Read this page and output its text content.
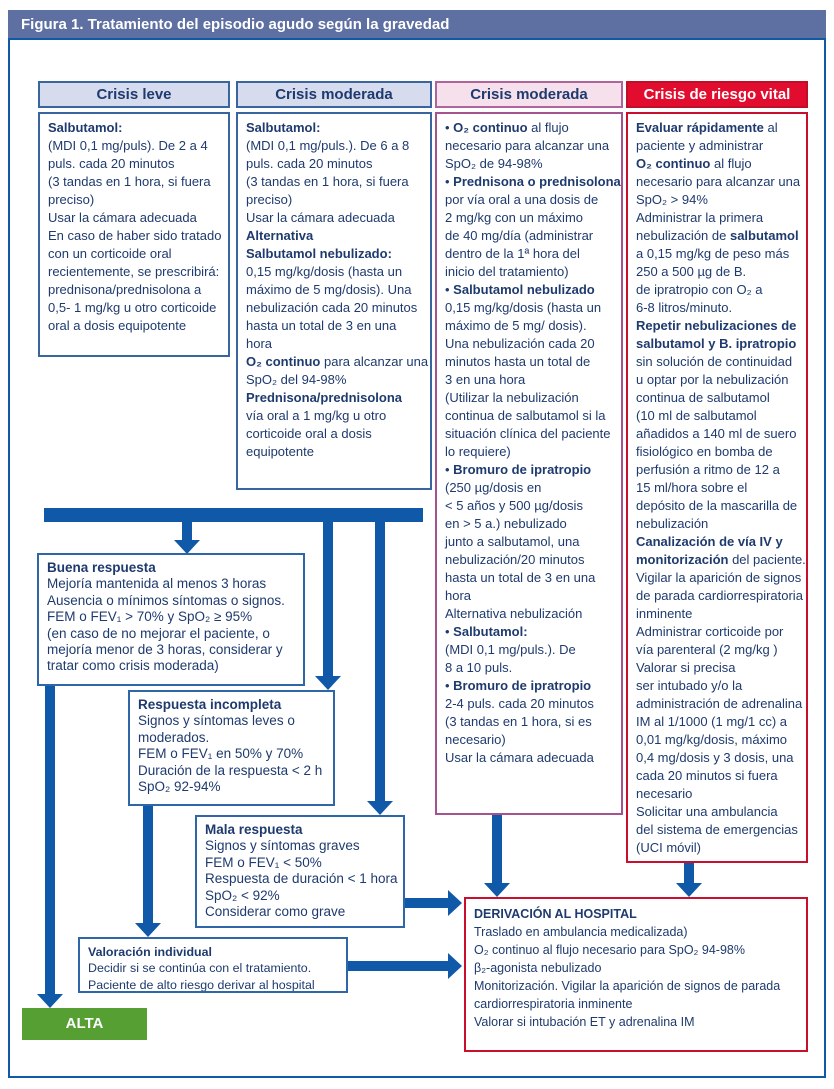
Figura 1. Tratamiento del episodio agudo según la gravedad
Crisis leve	Crisis moderada	Crisis moderada	Crisis de riesgo vital
Salbutamol:
(MDI 0,1 mg/puls). De 2 a 4
puls. cada 20 minutos
(3 tandas en 1 hora, si fuera
preciso)
Usar la cámara adecuada
En caso de haber sido tratado
con un corticoide oral
recientemente, se prescribirá:
prednisona/prednisolona a
0,5- 1 mg/kg u otro corticoide
oral a dosis equipotente
Salbutamol:
(MDI 0,1 mg/puls.). De 6 a 8
puls. cada 20 minutos
(3 tandas en 1 hora, si fuera
preciso)
Usar la cámara adecuada
Alternativa
Salbutamol nebulizado:
0,15 mg/kg/dosis (hasta un
máximo de 5 mg/dosis). Una
nebulización cada 20 minutos
hasta un total de 3 en una
hora
O₂ continuo para alcanzar una
SpO₂ del 94-98%
Prednisona/prednisolona
vía oral a 1 mg/kg u otro
corticoide oral a dosis
equipotente
• O₂ continuo al flujo
necesario para alcanzar una
SpO₂ de 94-98%
• Prednisona o prednisolona
por vía oral a una dosis de
2 mg/kg con un máximo
de 40 mg/día (administrar
dentro de la 1ª hora del
inicio del tratamiento)
• Salbutamol nebulizado
0,15 mg/kg/dosis (hasta un
máximo de 5 mg/ dosis).
Una nebulización cada 20
minutos hasta un total de
3 en una hora
(Utilizar la nebulización
continua de salbutamol si la
situación clínica del paciente
lo requiere)
• Bromuro de ipratropio
(250 µg/dosis en
< 5 años y 500 µg/dosis
en > 5 a.) nebulizado
junto a salbutamol, una
nebulización/20 minutos
hasta un total de 3 en una
hora
Alternativa nebulización
• Salbutamol:
(MDI 0,1 mg/puls.). De
8 a 10 puls.
• Bromuro de ipratropio
2-4 puls. cada 20 minutos
(3 tandas en 1 hora, si es
necesario)
Usar la cámara adecuada
Evaluar rápidamente al
paciente y administrar
O₂ continuo al flujo
necesario para alcanzar una
SpO₂ > 94%
Administrar la primera
nebulización de salbutamol
a 0,15 mg/kg de peso más
250 a 500 µg de B.
de ipratropio con O₂ a
6-8 litros/minuto.
Repetir nebulizaciones de
salbutamol y B. ipratropio
sin solución de continuidad
u optar por la nebulización
continua de salbutamol
(10 ml de salbutamol
añadidos a 140 ml de suero
fisiológico en bomba de
perfusión a ritmo de 12 a
15 ml/hora sobre el
depósito de la mascarilla de
nebulización
Canalización de vía IV y
monitorización del paciente.
Vigilar la aparición de signos
de parada cardiorrespiratoria
inminente
Administrar corticoide por
vía parenteral (2 mg/kg )
Valorar si precisa
ser intubado y/o la
administración de adrenalina
IM al 1/1000 (1 mg/1 cc) a
0,01 mg/kg/dosis, máximo
0,4 mg/dosis y 3 dosis, una
cada 20 minutos si fuera
necesario
Solicitar una ambulancia
del sistema de emergencias
(UCI móvil)
Buena respuesta
Mejoría mantenida al menos 3 horas
Ausencia o mínimos síntomas o signos.
FEM o FEV₁ > 70% y SpO₂ ≥ 95%
(en caso de no mejorar el paciente, o
mejoría menor de 3 horas, considerar y
tratar como crisis moderada)
Respuesta incompleta
Signos y síntomas leves o
moderados.
FEM o FEV₁ en 50% y 70%
Duración de la respuesta < 2 h
SpO₂ 92-94%
Mala respuesta
Signos y síntomas graves
FEM o FEV₁ < 50%
Respuesta de duración < 1 hora
SpO₂ < 92%
Considerar como grave
Valoración individual
Decidir si se continúa con el tratamiento.
Paciente de alto riesgo derivar al hospital
ALTA
DERIVACIÓN AL HOSPITAL
Traslado en ambulancia medicalizada)
O₂ continuo al flujo necesario para SpO₂ 94-98%
β₂-agonista nebulizado
Monitorización. Vigilar la aparición de signos de parada
cardiorrespiratoria inminente
Valorar si intubación ET y adrenalina IM
